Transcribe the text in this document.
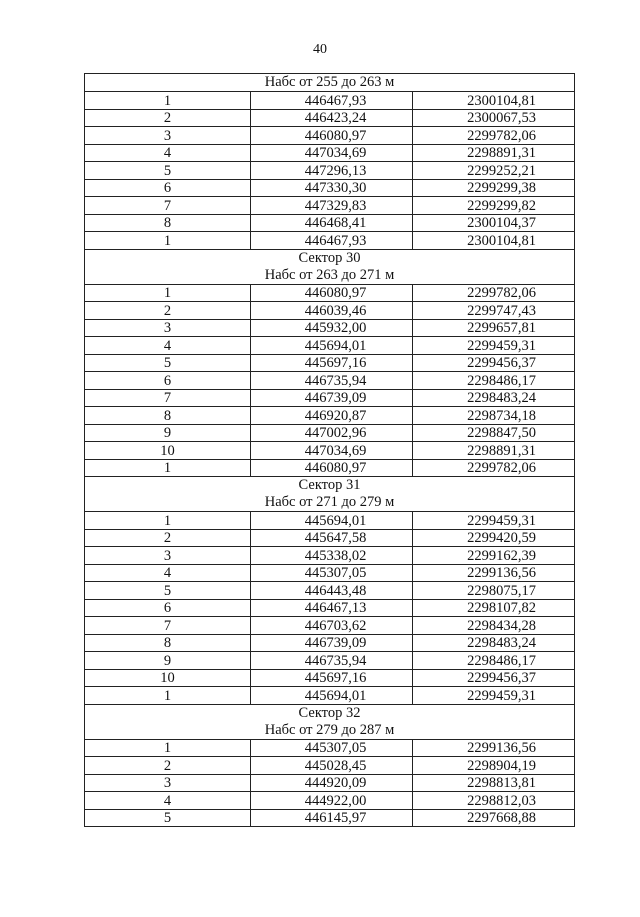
40
Набс от 255 до 263 м		

1	446467,93	2300104,81
2	446423,24	2300067,53
3	446080,97	2299782,06
4	447034,69	2298891,31
5	447296,13	2299252,21
6	447330,30	2299299,38
7	447329,83	2299299,82
8	446468,41	2300104,37
1	446467,93	2300104,81

Сектор 30
Набс от 263 до 271 м		

1	446080,97	2299782,06
2	446039,46	2299747,43
3	445932,00	2299657,81
4	445694,01	2299459,31
5	445697,16	2299456,37
6	446735,94	2298486,17
7	446739,09	2298483,24
8	446920,87	2298734,18
9	447002,96	2298847,50
10	447034,69	2298891,31
1	446080,97	2299782,06

Сектор 31
Набс от 271 до 279 м		

1	445694,01	2299459,31
2	445647,58	2299420,59
3	445338,02	2299162,39
4	445307,05	2299136,56
5	446443,48	2298075,17
6	446467,13	2298107,82
7	446703,62	2298434,28
8	446739,09	2298483,24
9	446735,94	2298486,17
10	445697,16	2299456,37
1	445694,01	2299459,31

Сектор 32
Набс от 279 до 287 м		

1	445307,05	2299136,56
2	445028,45	2298904,19
3	444920,09	2298813,81
4	444922,00	2298812,03
5	446145,97	2297668,88
